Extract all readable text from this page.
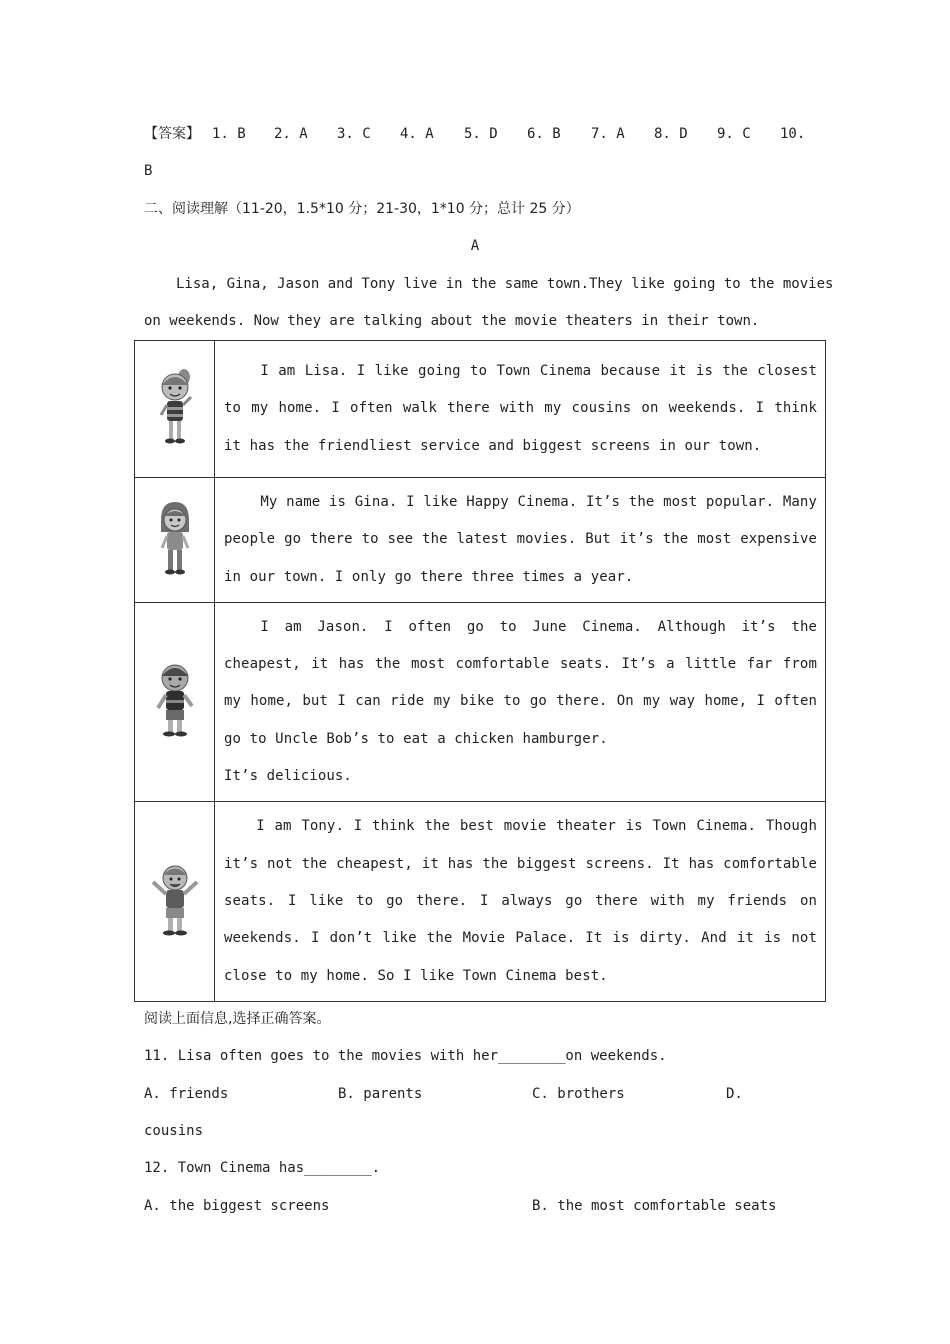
【答案】 1. B 2. A 3. C 4. A 5. D 6. B 7. A 8. D 9. C 10.
B
二、阅读理解（11-20，1.5*10 分；21-30，1*10 分；总计 25 分）
A
Lisa, Gina, Jason and Tony live in the same town.They like going to the movies
on weekends. Now they are talking about the movie theaters in their town.

I am Lisa. I like going to Town Cinema because it is the closest to my home. I often walk there with my cousins on weekends. I think it has the friendliest service and biggest screens in our town.

My name is Gina. I like Happy Cinema. It’s the most popular. Many people go there to see the latest movies. But it’s the most expensive in our town. I only go there three times a year.

I am Jason. I often go to June Cinema. Although it’s the cheapest, it has the most comfortable seats. It’s a little far from my home, but I can ride my bike to go there. On my way home, I often go to Uncle Bob’s to eat a chicken hamburger.

It’s delicious.

I am Tony. I think the best movie theater is Town Cinema. Though it’s not the cheapest, it has the biggest screens. It has comfortable seats. I like to go there. I always go there with my friends on weekends. I don’t like the Movie Palace. It is dirty. And it is not close to my home. So I like Town Cinema best.

阅读上面信息,选择正确答案。
11. Lisa often goes to the movies with her________on weekends.
A. friends	B. parents	C. brothers	D.
cousins
12. Town Cinema has________.
A. the biggest screens	B. the most comfortable seats
